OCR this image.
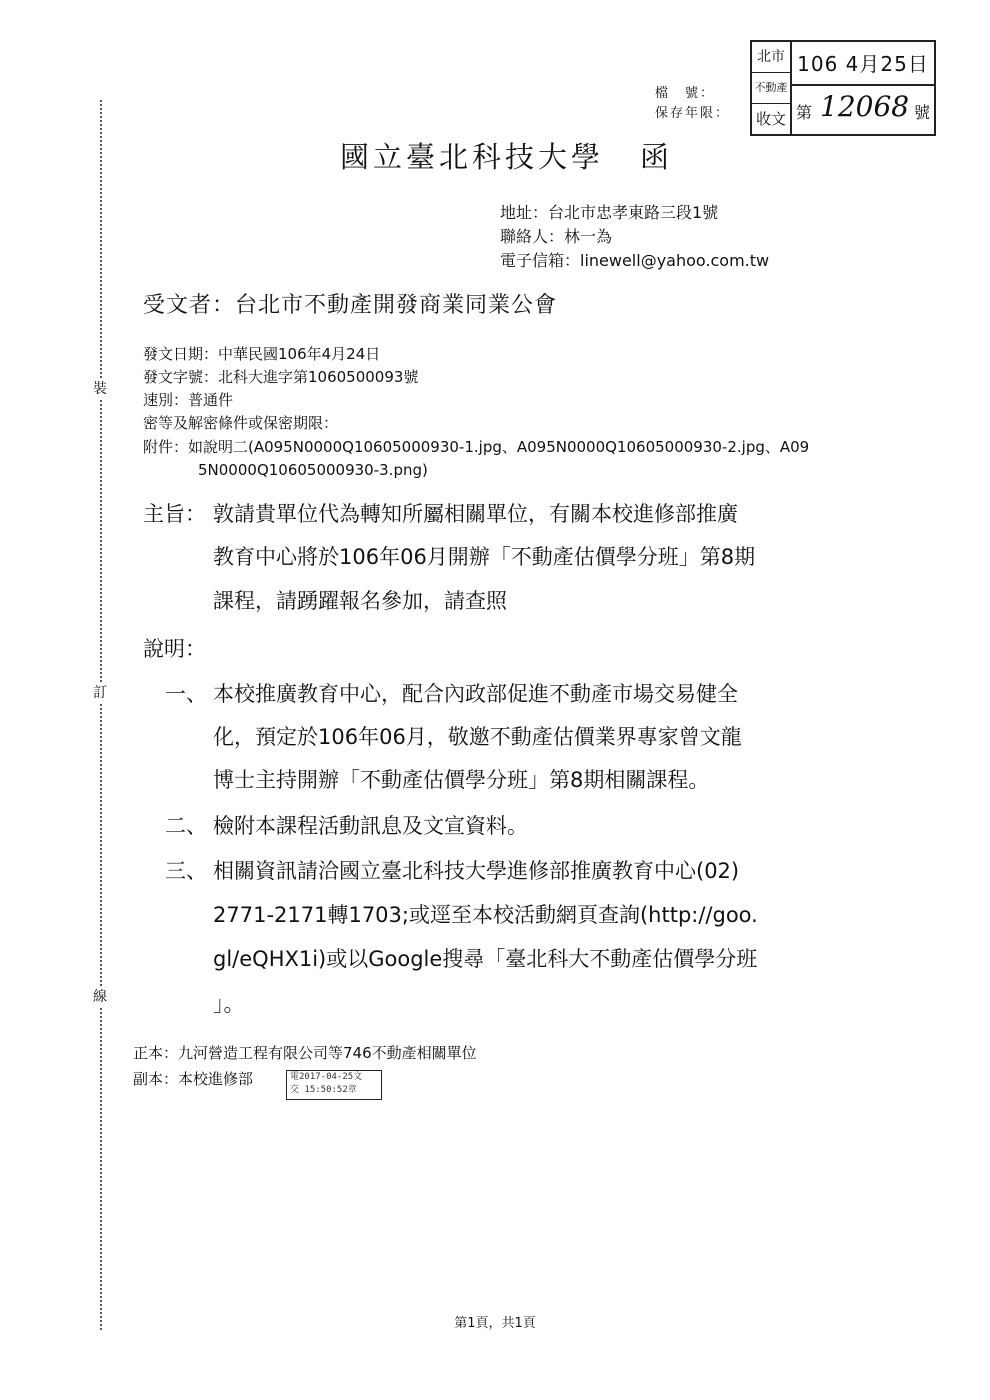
裝
訂
線
北市
不動產
收文
106 4月25日
第 12068 號
檔　號：
保存年限：
國立臺北科技大學 函
地址：台北市忠孝東路三段1號
聯絡人：林一為
電子信箱：linewell@yahoo.com.tw
受文者：台北市不動產開發商業同業公會
發文日期：中華民國106年4月24日
發文字號：北科大進字第1060500093號
速別：普通件
密等及解密條件或保密期限：
附件：如說明二(A095N0000Q10605000930-1.jpg、A095N0000Q10605000930-2.jpg、A09
5N0000Q10605000930-3.png)
主旨： 敦請貴單位代為轉知所屬相關單位，有關本校進修部推廣
教育中心將於106年06月開辦「不動產估價學分班」第8期
課程，請踴躍報名參加，請查照
說明：
一、 本校推廣教育中心，配合內政部促進不動產市場交易健全
化，預定於106年06月，敬邀不動產估價業界專家曾文龍
博士主持開辦「不動產估價學分班」第8期相關課程。
二、 檢附本課程活動訊息及文宣資料。
三、 相關資訊請洽國立臺北科技大學進修部推廣教育中心(02)
2771-2171轉1703;或逕至本校活動網頁查詢(http://goo.
gl/eQHX1i)或以Google搜尋「臺北科大不動產估價學分班
」。
正本：九河營造工程有限公司等746不動產相關單位
副本：本校進修部	電2017-04-25文
交 15:50:52章
第1頁，共1頁
